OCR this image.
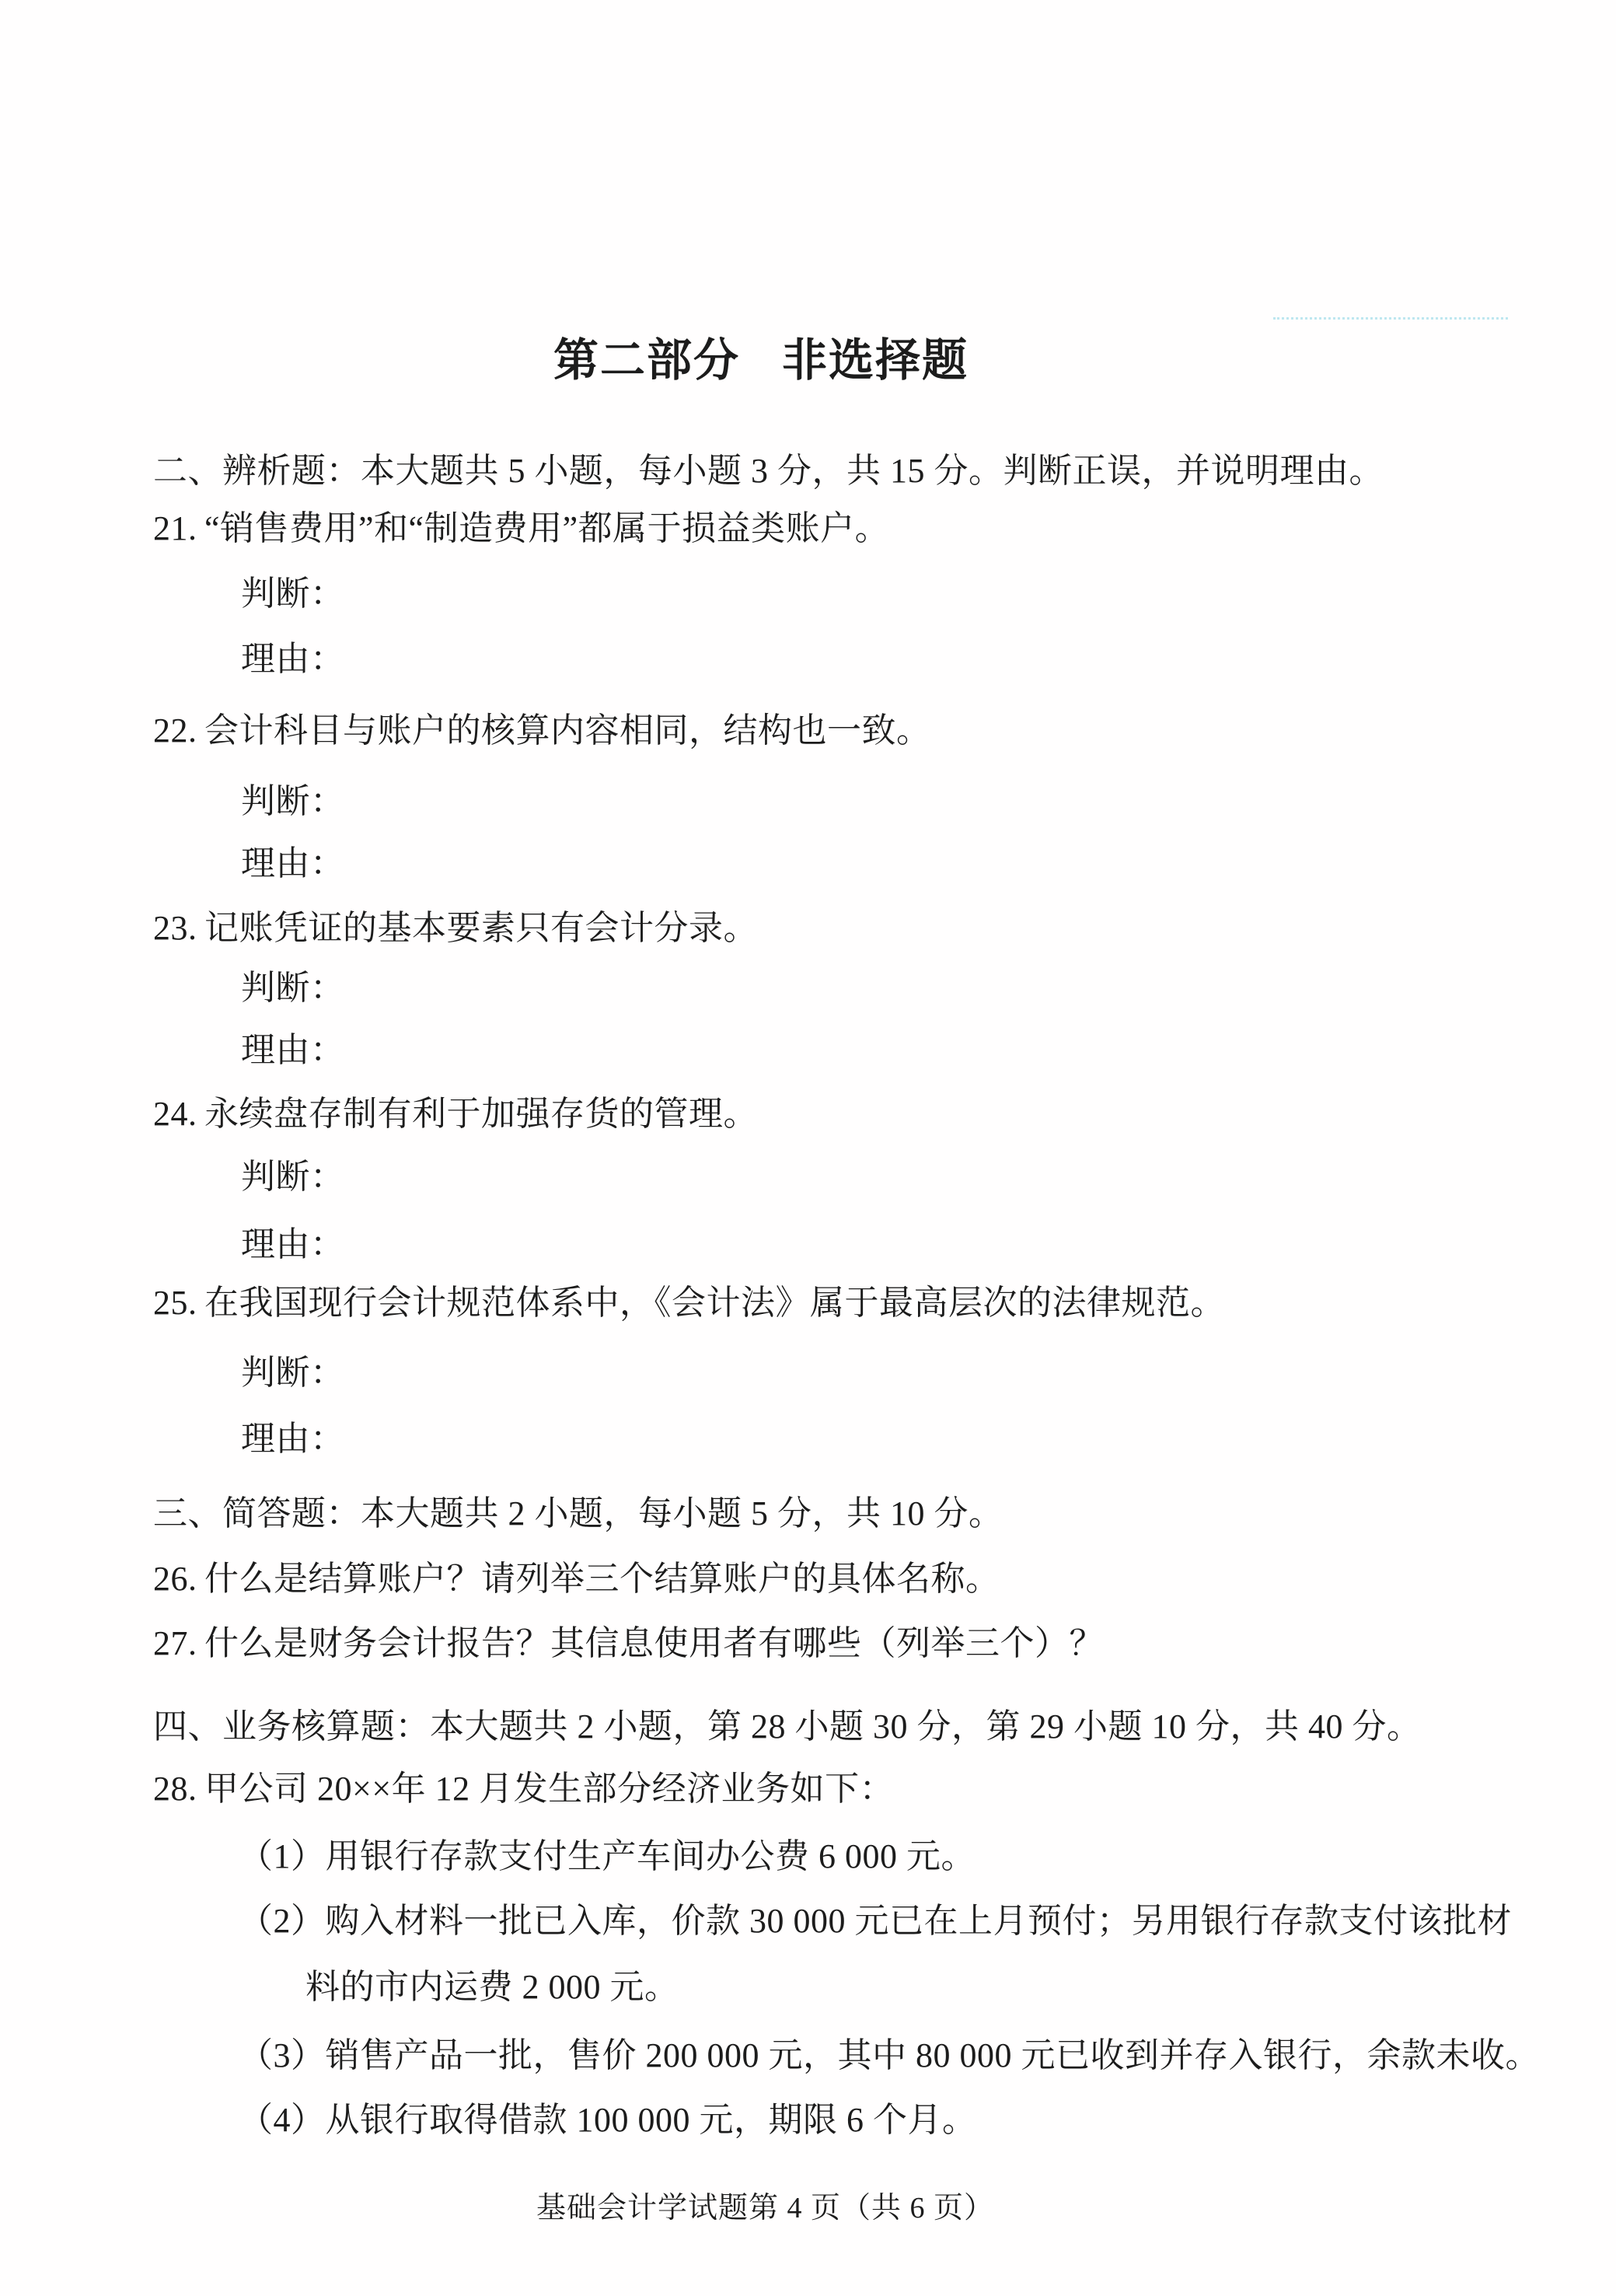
第二部分 非选择题
二、辨析题：本大题共 5 小题，每小题 3 分，共 15 分。判断正误，并说明理由。
21. “销售费用”和“制造费用”都属于损益类账户。
判断：
理由：
22. 会计科目与账户的核算内容相同，结构也一致。
判断：
理由：
23. 记账凭证的基本要素只有会计分录。
判断：
理由：
24. 永续盘存制有利于加强存货的管理。
判断：
理由：
25. 在我国现行会计规范体系中，《会计法》属于最高层次的法律规范。
判断：
理由：
三、简答题：本大题共 2 小题，每小题 5 分，共 10 分。
26. 什么是结算账户？请列举三个结算账户的具体名称。
27. 什么是财务会计报告？其信息使用者有哪些（列举三个）？
四、业务核算题：本大题共 2 小题，第 28 小题 30 分，第 29 小题 10 分，共 40 分。
28. 甲公司 20××年 12 月发生部分经济业务如下：
（1）用银行存款支付生产车间办公费 6 000 元。
（2）购入材料一批已入库，价款 30 000 元已在上月预付；另用银行存款支付该批材
料的市内运费 2 000 元。
（3）销售产品一批，售价 200 000 元，其中 80 000 元已收到并存入银行，余款未收。
（4）从银行取得借款 100 000 元，期限 6 个月。
基础会计学试题第 4 页（共 6 页）
